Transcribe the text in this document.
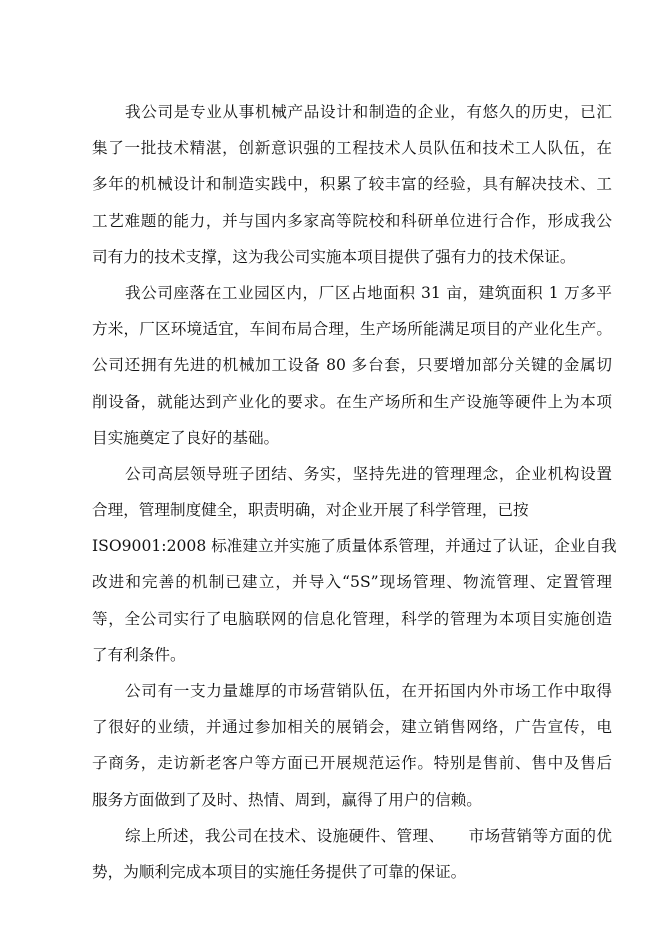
我公司是专业从事机械产品设计和制造的企业，有悠久的历史，已汇
集了一批技术精湛，创新意识强的工程技术人员队伍和技术工人队伍，在
多年的机械设计和制造实践中，积累了较丰富的经验，具有解决技术、工
工艺难题的能力，并与国内多家高等院校和科研单位进行合作，形成我公
司有力的技术支撑，这为我公司实施本项目提供了强有力的技术保证。
我公司座落在工业园区内，厂区占地面积 31 亩，建筑面积 1 万多平
方米，厂区环境适宜，车间布局合理，生产场所能满足项目的产业化生产。
公司还拥有先进的机械加工设备 80 多台套，只要增加部分关键的金属切
削设备，就能达到产业化的要求。在生产场所和生产设施等硬件上为本项
目实施奠定了良好的基础。
公司高层领导班子团结、务实，坚持先进的管理理念，企业机构设置
合理，管理制度健全，职责明确，对企业开展了科学管理，已按
ISO9001:2008 标准建立并实施了质量体系管理，并通过了认证，企业自我
改进和完善的机制已建立，并导入“5S”现场管理、物流管理、定置管理
等，全公司实行了电脑联网的信息化管理，科学的管理为本项目实施创造
了有利条件。
公司有一支力量雄厚的市场营销队伍，在开拓国内外市场工作中取得
了很好的业绩，并通过参加相关的展销会，建立销售网络，广告宣传，电
子商务，走访新老客户等方面已开展规范运作。特别是售前、售中及售后
服务方面做到了及时、热情、周到，赢得了用户的信赖。
综上所述，我公司在技术、设施硬件、管理、　　市场营销等方面的优
势，为顺利完成本项目的实施任务提供了可靠的保证。
